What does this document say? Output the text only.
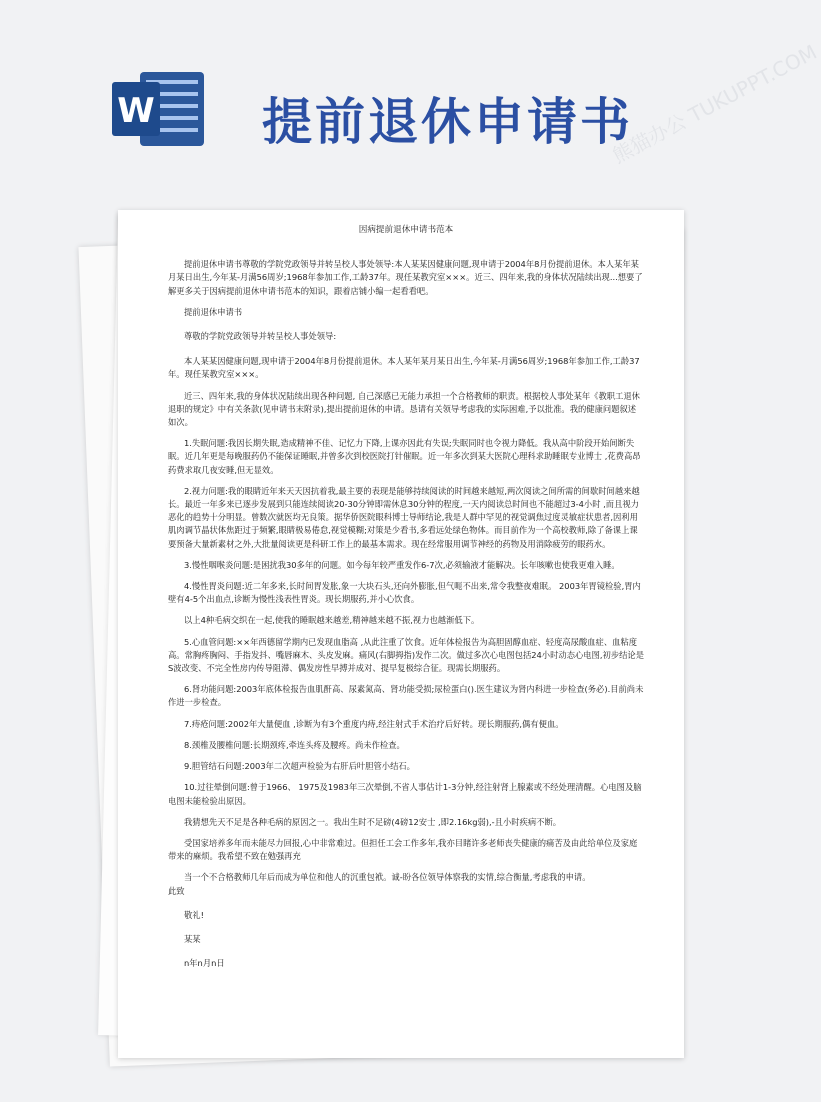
W 提前退休申请书
熊猫办公 TUKUPPT.COM
因病提前退休申请书范本

提前退休申请书尊敬的学院党政领导并转呈校人事处领导:本人某某因健康问题,现申请于2004年8月份提前退休。本人某年某月某日出生,今年某-月满56周岁;1968年参加工作,工龄37年。现任某教究室×××。近三、四年来,我的身体状况陆续出现...想要了解更多关于因病提前退休申请书范本的知识，跟着店铺小编一起看看吧。

提前退休申请书

尊敬的学院党政领导并转呈校人事处领导:

本人某某因健康问题,现申请于2004年8月份提前退休。本人某年某月某日出生,今年某-月满56周岁;1968年参加工作,工龄37年。现任某教究室×××。

近三、四年来,我的身体状况陆续出现各种问题, 自己深感已无能力承担一个合格教师的职责。根据校人事处某年《教职工退休退职的规定》中有关条款(见申请书末附录),提出提前退休的申请。恳请有关领导考虑我的实际困难,予以批准。我的健康问题叙述如次。

1.失眠问题:我因长期失眠,造成精神不佳、记忆力下降,上课亦因此有失误;失眠同时也令视力降低。我从高中阶段开始间断失眠。近几年更是每晚服药仍不能保证睡眠,并曾多次到校医院打针催眠。近一年多次到某大医院心理科求助睡眠专业博士 ,花费高昂药费求取几夜安睡,但无显效。

2.视力问题:我的眼睛近年来天天因抗着我,最主要的表现是能够持续阅读的时间越来越短,两次阅读之间所需的间歇时间越来越长。最近一年多来已逐步发展到只能连续阅读20-30分钟即需休息30分钟的程度,一天内阅读总时间也不能超过3-4小时 ,而且视力恶化的趋势十分明显。曾数次就医均无良策。据华侨医院眼科博士导师结论,我是人群中罕见的视觉调焦过度灵敏症状患者,因利用肌肉调节晶状体焦距过于频繁,眼睛极易倦怠,视觉模糊;对策是少看书,多看远处绿色物体。而目前作为一个高校教师,除了备课上课要预备大量新素材之外,大批量阅读更是科研工作上的最基本需求。现在经常服用调节神经的药物及用消除疲劳的眼药水。

3.慢性咽喉炎问题:是困扰我30多年的问题。如今每年较严重发作6-7次,必须输液才能解决。长年咳嗽也使我更难入睡。

4.慢性胃炎问题:近二年多来,长时间胃发胀,象一大块石头,还向外膨胀,但气呃不出来,常令我整夜难眠。 2003年胃镜检验,胃内壁有4-5个出血点,诊断为慢性浅表性胃炎。现长期服药,并小心饮食。

以上4种毛病交织在一起,使我的睡眠越来越差,精神越来越不振,视力也越渐低下。

5.心血管问题:××年西德留学期内已发现血脂高 ,从此注重了饮食。近年体检报告为高胆固醇血症、轻度高尿酸血症、血粘度高。常胸疼胸闷、手指发抖、嘴唇麻木、头皮发麻。痛风(右脚拇指)发作二次。做过多次心电图包括24小时动态心电图,初步结论是S波改变、不完全性房内传导阻滞、偶发房性早搏并成对、提早复极综合征。现需长期服药。

6.肾功能问题:2003年底体检报告血肌酐高、尿素氮高、肾功能受损;尿检蛋白().医生建议为肾内科进一步检查(务必).目前尚未作进一步检查。

7.痔疮问题:2002年大量便血 ,诊断为有3个重度内痔,经注射式手术治疗后好转。现长期服药,偶有便血。

8.颈椎及腰椎问题:长期颈疼,牵连头疼及腰疼。尚未作检查。

9.胆管结石问题:2003年二次超声检验为右肝后叶胆管小结石。

10.过往晕倒问题:曾于1966、 1975及1983年三次晕倒,不省人事估计1-3分钟,经注射肾上腺素或不经处理清醒。心电图及脑电图未能检验出原因。

我猜想先天不足是各种毛病的原因之一。我出生时不足磅(4磅12安士 ,即2.16kg弱),-且小时疾病不断。

受国家培养多年而未能尽力回报,心中非常难过。但担任工会工作多年,我亦目睹许多老师丧失健康的痛苦及由此给单位及家庭带来的麻烦。我希望不致在勉强再充

当一个不合格教师几年后而成为单位和他人的沉重包袱。诚-盼各位领导体察我的实情,综合衡量,考虑我的申请。

此致

敬礼!

某某

n年n月n日
